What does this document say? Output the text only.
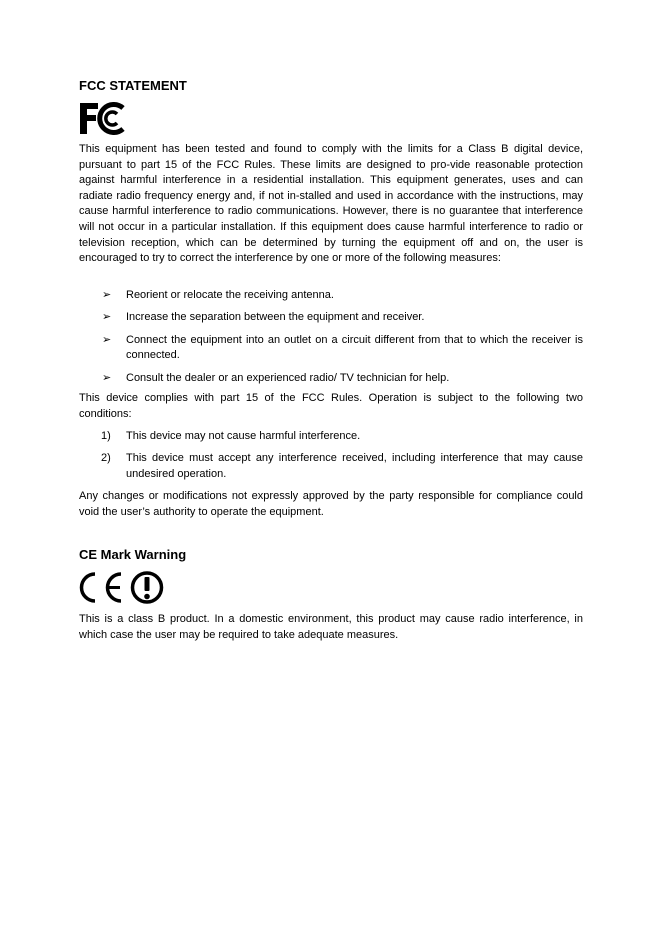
FCC STATEMENT

This equipment has been tested and found to comply with the limits for a Class B digital device, pursuant to part 15 of the FCC Rules. These limits are designed to pro-vide reasonable protection against harmful interference in a residential installation. This equipment generates, uses and can radiate radio frequency energy and, if not in-stalled and used in accordance with the instructions, may cause harmful interference to radio communications. However, there is no guarantee that interference will not occur in a particular installation. If this equipment does cause harmful interference to radio or television reception, which can be determined by turning the equipment off and on, the user is encouraged to try to correct the interference by one or more of the following measures:

➢ Reorient or relocate the receiving antenna.
➢ Increase the separation between the equipment and receiver.
➢ Connect the equipment into an outlet on a circuit different from that to which the receiver is connected.
➢ Consult the dealer or an experienced radio/ TV technician for help.

This device complies with part 15 of the FCC Rules. Operation is subject to the following two conditions:

1) This device may not cause harmful interference.
2) This device must accept any interference received, including interference that may cause undesired operation.

Any changes or modifications not expressly approved by the party responsible for compliance could void the user’s authority to operate the equipment.

CE Mark Warning

This is a class B product. In a domestic environment, this product may cause radio interference, in which case the user may be required to take adequate measures.
